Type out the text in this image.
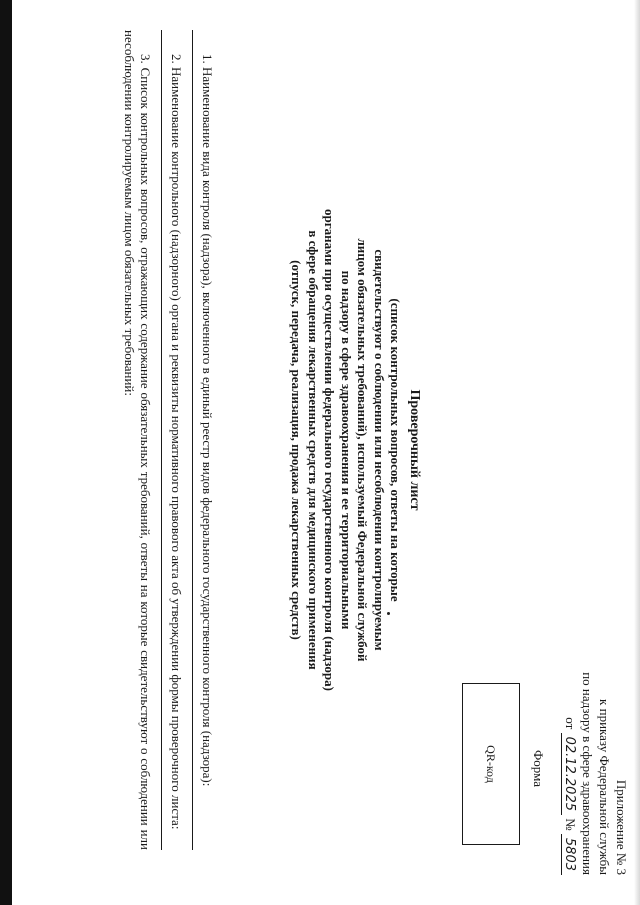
Приложение № 3
к приказу Федеральной службы
по надзору в сфере здравоохранения
от 02.12.2025 № 5803
Форма
QR-код
Проверочный лист
(список контрольных вопросов, ответы на которые
свидетельствуют о соблюдении или несоблюдении контролируемым
лицом обязательных требований), используемый Федеральной службой
по надзору в сфере здравоохранения и ее территориальными
органами при осуществлении федерального государственного контроля (надзора)
в сфере обращения лекарственных средств для медицинского применения
(отпуск, передача, реализация, продажа лекарственных средств)

1. Наименование вида контроля (надзора), включенного в единый реестр видов федерального государственного контроля (надзора):

2. Наименование контрольного (надзорного) органа и реквизиты нормативного правового акта об утверждении формы проверочного листа:

3. Список контрольных вопросов, отражающих содержание обязательных требований, ответы на которые свидетельствуют о соблюдении или несоблюдении контролируемым лицом обязательных требований:
